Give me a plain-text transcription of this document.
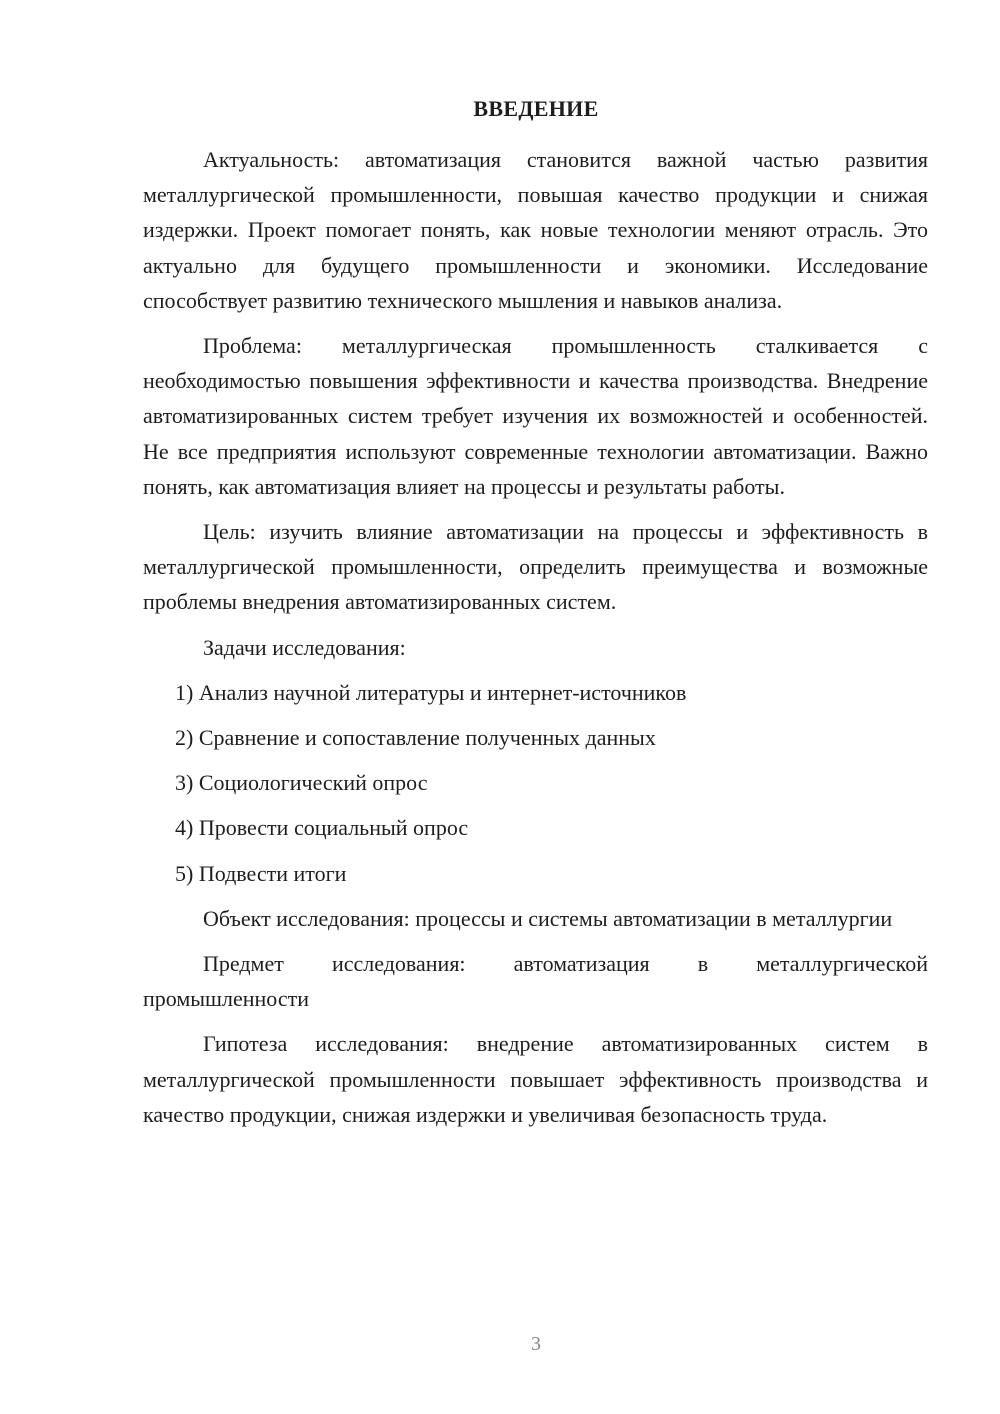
ВВЕДЕНИЕ

Актуальность: автоматизация становится важной частью развития металлургической промышленности, повышая качество продукции и снижая издержки. Проект помогает понять, как новые технологии меняют отрасль. Это актуально для будущего промышленности и экономики. Исследование способствует развитию технического мышления и навыков анализа.

Проблема: металлургическая промышленность сталкивается с необходимостью повышения эффективности и качества производства. Внедрение автоматизированных систем требует изучения их возможностей и особенностей. Не все предприятия используют современные технологии автоматизации. Важно понять, как автоматизация влияет на процессы и результаты работы.

Цель: изучить влияние автоматизации на процессы и эффективность в металлургической промышленности, определить преимущества и возможные проблемы внедрения автоматизированных систем.

Задачи исследования:

1) Анализ научной литературы и интернет-источников
2) Сравнение и сопоставление полученных данных
3) Социологический опрос
4) Провести социальный опрос
5) Подвести итоги

Объект исследования: процессы и системы автоматизации в металлургии

Предмет исследования: автоматизация в металлургической промышленности

Гипотеза исследования: внедрение автоматизированных систем в металлургической промышленности повышает эффективность производства и качество продукции, снижая издержки и увеличивая безопасность труда.

3
